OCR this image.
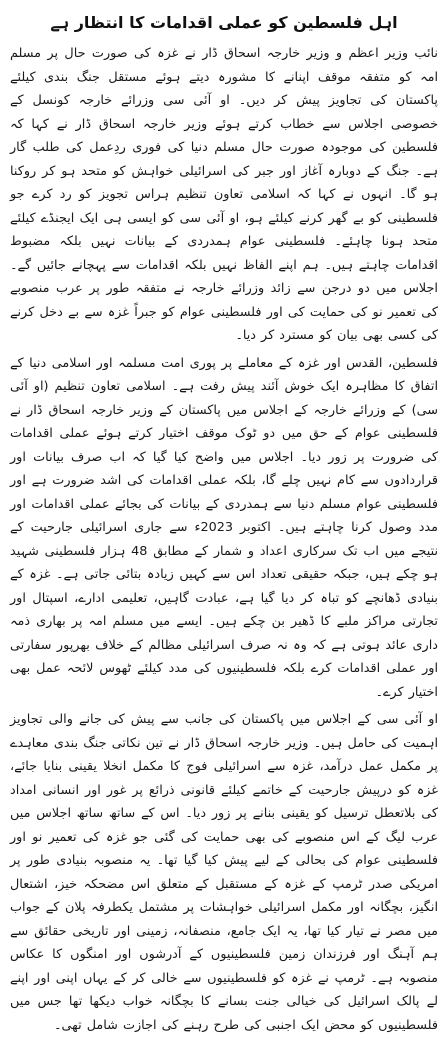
اہل فلسطین کو عملی اقدامات کا انتظار ہے

نائب وزیر اعظم و وزیر خارجہ اسحاق ڈار نے غزہ کی صورت حال پر مسلم امہ کو متفقہ موقف اپنانے کا مشورہ دیتے ہوئے مستقل جنگ بندی کیلئے پاکستان کی تجاویز پیش کر دیں۔ او آئی سی وزرائے خارجہ کونسل کے خصوصی اجلاس سے خطاب کرتے ہوئے وزیر خارجہ اسحاق ڈار نے کہا کہ فلسطین کی موجودہ صورت حال مسلم دنیا کی فوری ردِعمل کی طلب گار ہے۔ جنگ کے دوبارہ آغاز اور جبر کی اسرائیلی خواہش کو متحد ہو کر روکنا ہو گا۔ انہوں نے کہا کہ اسلامی تعاون تنظیم ہراس تجویز کو رد کرے جو فلسطینی کو بے گھر کرنے کیلئے ہو، او آئی سی کو ایسی ہی ایک ایجنڈے کیلئے متحد ہونا چاہئے۔ فلسطینی عوام ہمدردی کے بیانات نہیں بلکہ مضبوط اقدامات چاہتے ہیں۔ ہم اپنے الفاظ نہیں بلکہ اقدامات سے پہچانے جائیں گے۔ اجلاس میں دو درجن سے زائد وزرائے خارجہ نے متفقہ طور پر عرب منصوبے کی تعمیر نو کی حمایت کی اور فلسطینی عوام کو جبراً غزہ سے بے دخل کرنے کی کسی بھی بیان کو مسترد کر دیا۔

فلسطین، القدس اور غزہ کے معاملے پر پوری امت مسلمہ اور اسلامی دنیا کے اتفاق کا مظاہرہ ایک خوش آئند پیش رفت ہے۔ اسلامی تعاون تنظیم (او آئی سی) کے وزرائے خارجہ کے اجلاس میں پاکستان کے وزیر خارجہ اسحاق ڈار نے فلسطینی عوام کے حق میں دو ٹوک موقف اختیار کرتے ہوئے عملی اقدامات کی ضرورت پر زور دیا۔ اجلاس میں واضح کیا گیا کہ اب صرف بیانات اور قراردادوں سے کام نہیں چلے گا، بلکہ عملی اقدامات کی اشد ضرورت ہے اور فلسطینی عوام مسلم دنیا سے ہمدردی کے بیانات کی بجائے عملی اقدامات اور مدد وصول کرنا چاہتے ہیں۔ اکتوبر 2023ء سے جاری اسرائیلی جارحیت کے نتیجے میں اب تک سرکاری اعداد و شمار کے مطابق 48 ہزار فلسطینی شہید ہو چکے ہیں، جبکہ حقیقی تعداد اس سے کہیں زیادہ بتائی جاتی ہے۔ غزہ کے بنیادی ڈھانچے کو تباہ کر دیا گیا ہے، عبادت گاہیں، تعلیمی ادارے، اسپتال اور تجارتی مراکز ملبے کا ڈھیر بن چکے ہیں۔ ایسے میں مسلم امہ پر بھاری ذمہ داری عائد ہوتی ہے کہ وہ نہ صرف اسرائیلی مظالم کے خلاف بھرپور سفارتی اور عملی اقدامات کرے بلکہ فلسطینیوں کی مدد کیلئے ٹھوس لائحہ عمل بھی اختیار کرے۔

او آئی سی کے اجلاس میں پاکستان کی جانب سے پیش کی جانے والی تجاویز اہمیت کی حامل ہیں۔ وزیر خارجہ اسحاق ڈار نے تین نکاتی جنگ بندی معاہدے پر مکمل عمل درآمد، غزہ سے اسرائیلی فوج کا مکمل انخلا یقینی بنایا جائے، غزہ کو درپیش جارحیت کے خاتمے کیلئے قانونی ذرائع پر غور اور انسانی امداد کی بلاتعطل ترسیل کو یقینی بنانے پر زور دیا۔ اس کے ساتھ ساتھ اجلاس میں عرب لیگ کے اس منصوبے کی بھی حمایت کی گئی جو غزہ کی تعمیر نو اور فلسطینی عوام کی بحالی کے لیے پیش کیا گیا تھا۔ یہ منصوبہ بنیادی طور پر امریکی صدر ٹرمپ کے غزہ کے مستقبل کے متعلق اس مضحکہ خیز، اشتعال انگیز، بچگانہ اور مکمل اسرائیلی خواہشات پر مشتمل یکطرفہ پلان کے جواب میں مصر نے تیار کیا تھا، یہ ایک جامع، منصفانہ، زمینی اور تاریخی حقائق سے ہم آہنگ اور فرزندان زمین فلسطینیوں کے آدرشوں اور امنگوں کا عکاس منصوبہ ہے۔ ٹرمپ نے غزہ کو فلسطینیوں سے خالی کر کے یہاں اپنی اور اپنے لے پالک اسرائیل کی خیالی جنت بسانے کا بچگانہ خواب دیکھا تھا جس میں فلسطینیوں کو محض ایک اجنبی کی طرح رہنے کی اجازت شامل تھی۔
